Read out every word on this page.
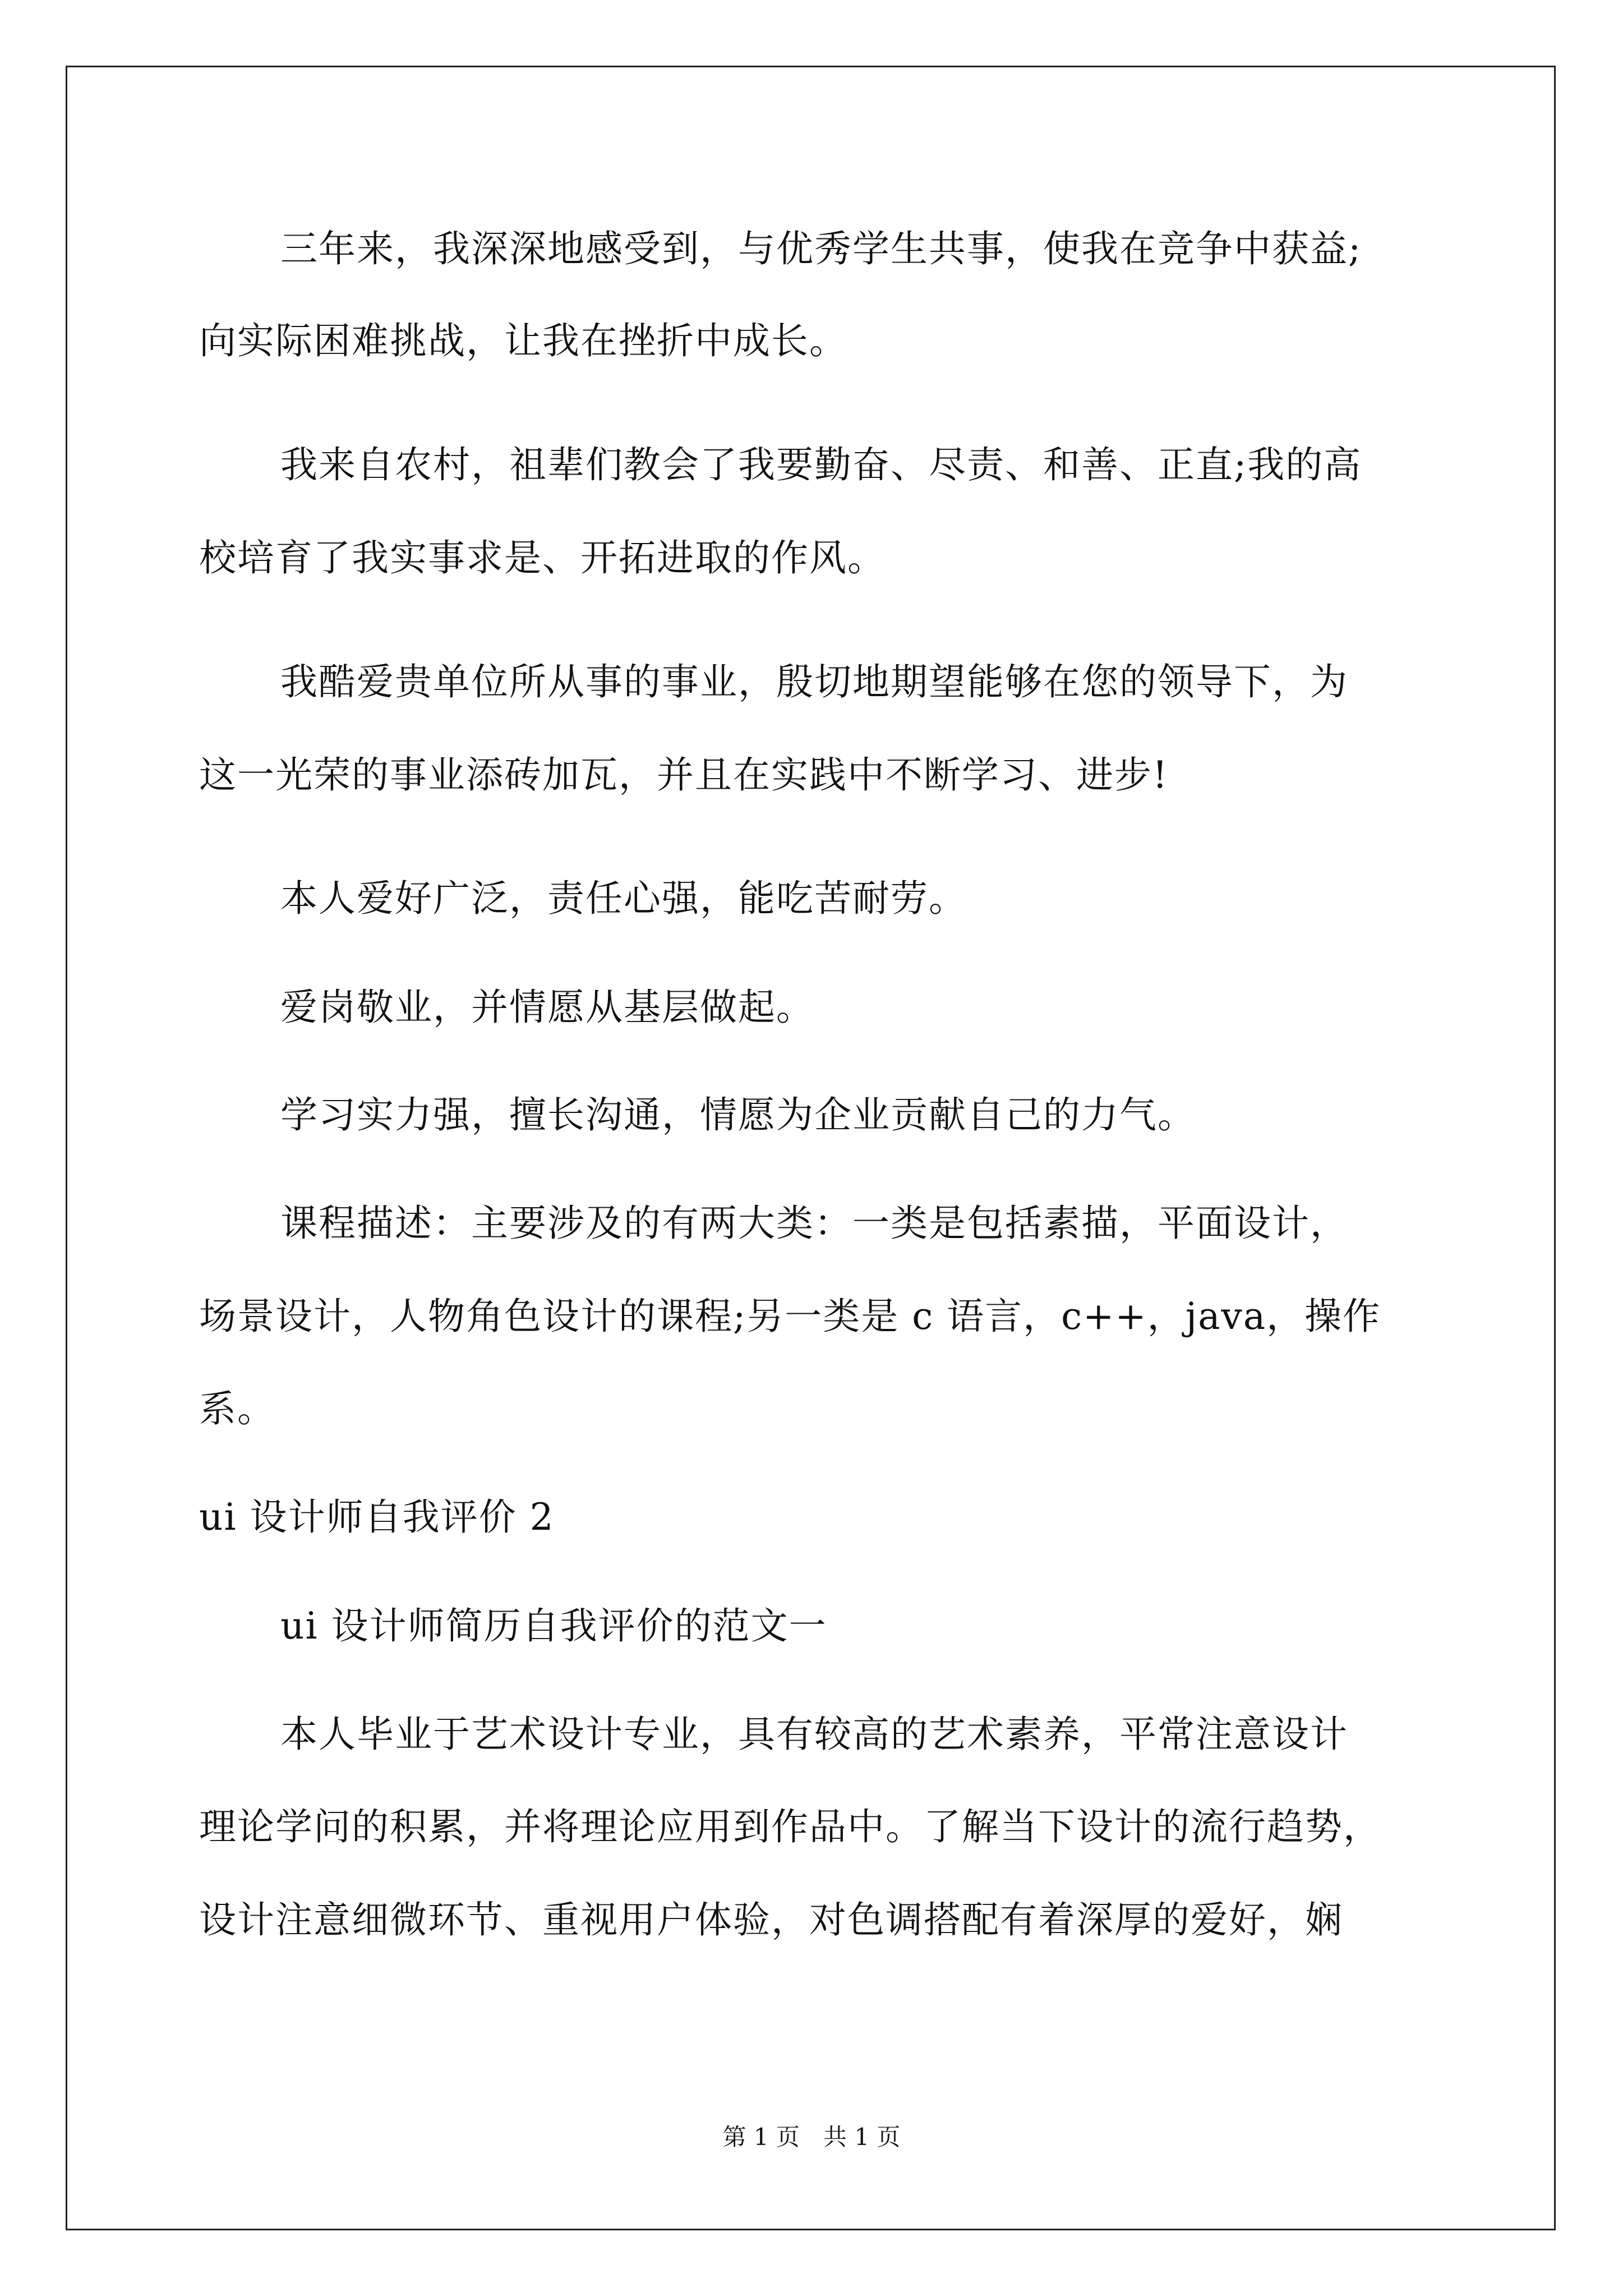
三年来，我深深地感受到，与优秀学生共事，使我在竞争中获益;
向实际困难挑战，让我在挫折中成长。
我来自农村，祖辈们教会了我要勤奋、尽责、和善、正直;我的高
校培育了我实事求是、开拓进取的作风。
我酷爱贵单位所从事的事业，殷切地期望能够在您的领导下，为
这一光荣的事业添砖加瓦，并且在实践中不断学习、进步!
本人爱好广泛，责任心强，能吃苦耐劳。
爱岗敬业，并情愿从基层做起。
学习实力强，擅长沟通，情愿为企业贡献自己的力气。
课程描述：主要涉及的有两大类：一类是包括素描，平面设计，
场景设计，人物角色设计的课程;另一类是 c 语言，c++，java，操作
系。
ui 设计师自我评价 2
ui 设计师简历自我评价的范文一
本人毕业于艺术设计专业，具有较高的艺术素养，平常注意设计
理论学问的积累，并将理论应用到作品中。了解当下设计的流行趋势，
设计注意细微环节、重视用户体验，对色调搭配有着深厚的爱好，娴
第 1 页　共 1 页
